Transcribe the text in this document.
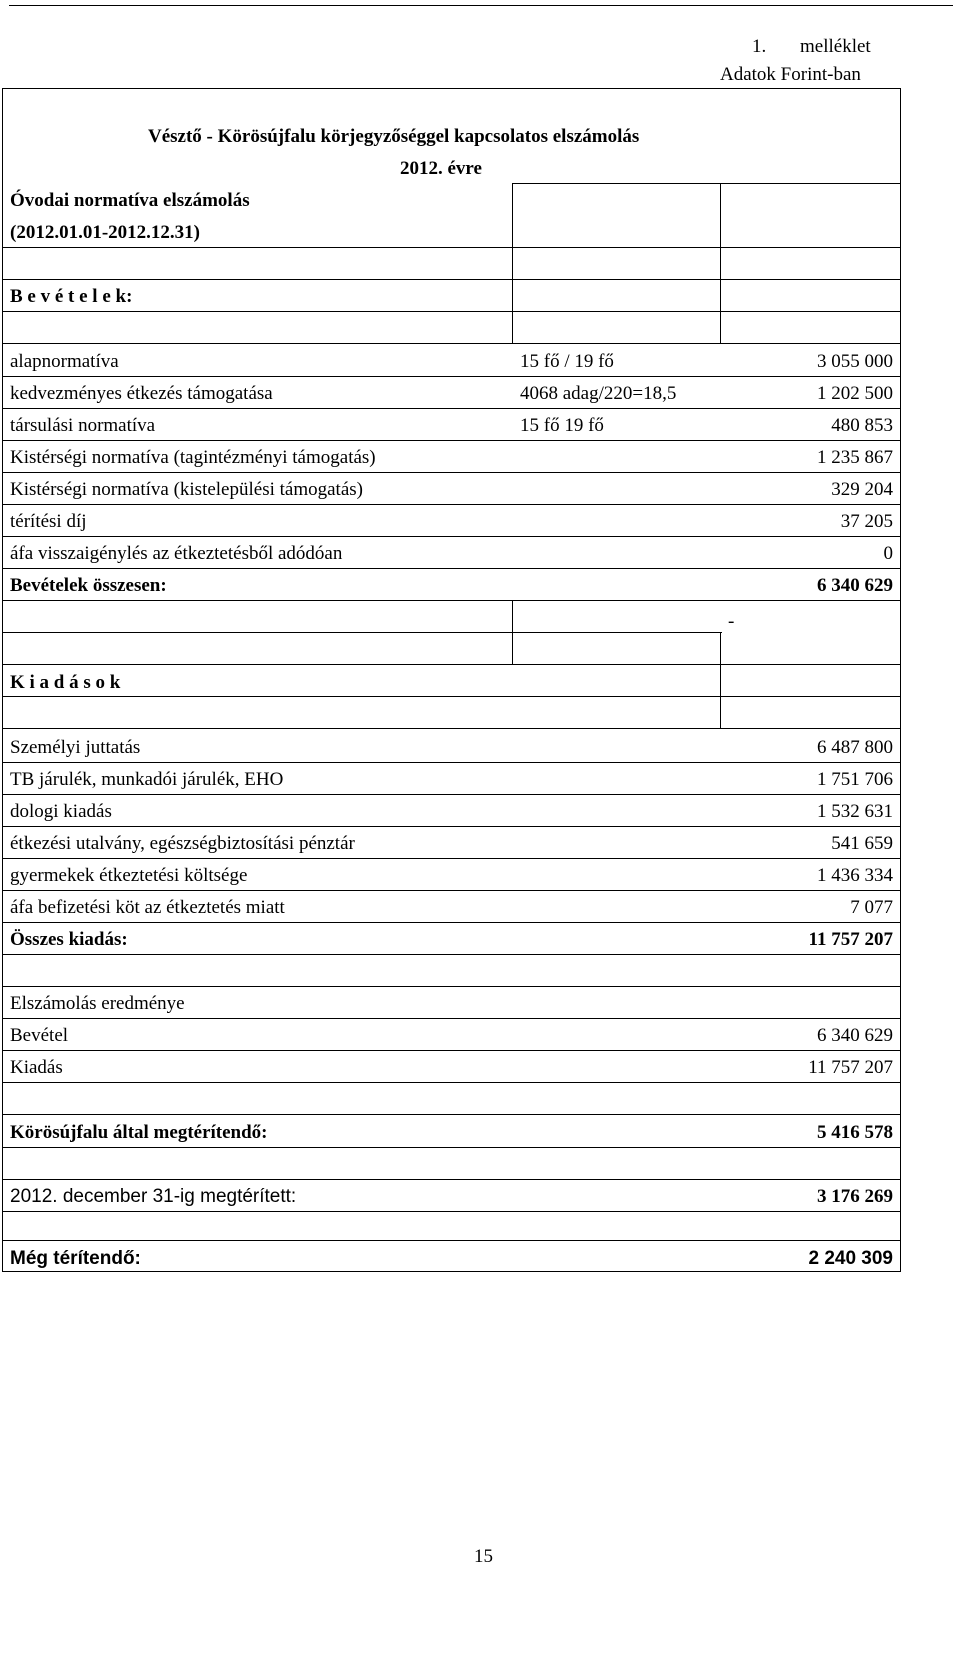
1. melléklet
Adatok Forint-ban
Vésztő - Körösújfalu körjegyzőséggel kapcsolatos elszámolás
2012. évre
Óvodai normatíva elszámolás
(2012.01.01-2012.12.31)
B e v é t e l e k:
alapnormatíva	15 fő / 19 fő	3 055 000
kedvezményes étkezés támogatása	4068 adag/220=18,5	1 202 500
társulási normatíva	15 fő 19 fő	480 853
Kistérségi normatíva (tagintézményi támogatás)	1 235 867
Kistérségi normatíva (kistelepülési támogatás)	329 204
térítési díj	37 205
áfa visszaigénylés az étkeztetésből adódóan	0
Bevételek összesen:	6 340 629
-
K i a d á s o k
Személyi juttatás	6 487 800
TB járulék, munkadói járulék, EHO	1 751 706
dologi kiadás	1 532 631
étkezési utalvány, egészségbiztosítási pénztár	541 659
gyermekek étkeztetési költsége	1 436 334
áfa befizetési köt az étkeztetés miatt	7 077
Összes kiadás:	11 757 207
Elszámolás eredménye
Bevétel	6 340 629
Kiadás	11 757 207
Körösújfalu által megtérítendő:	5 416 578
2012. december 31-ig megtérített:	3 176 269
Még térítendő:	2 240 309
15
